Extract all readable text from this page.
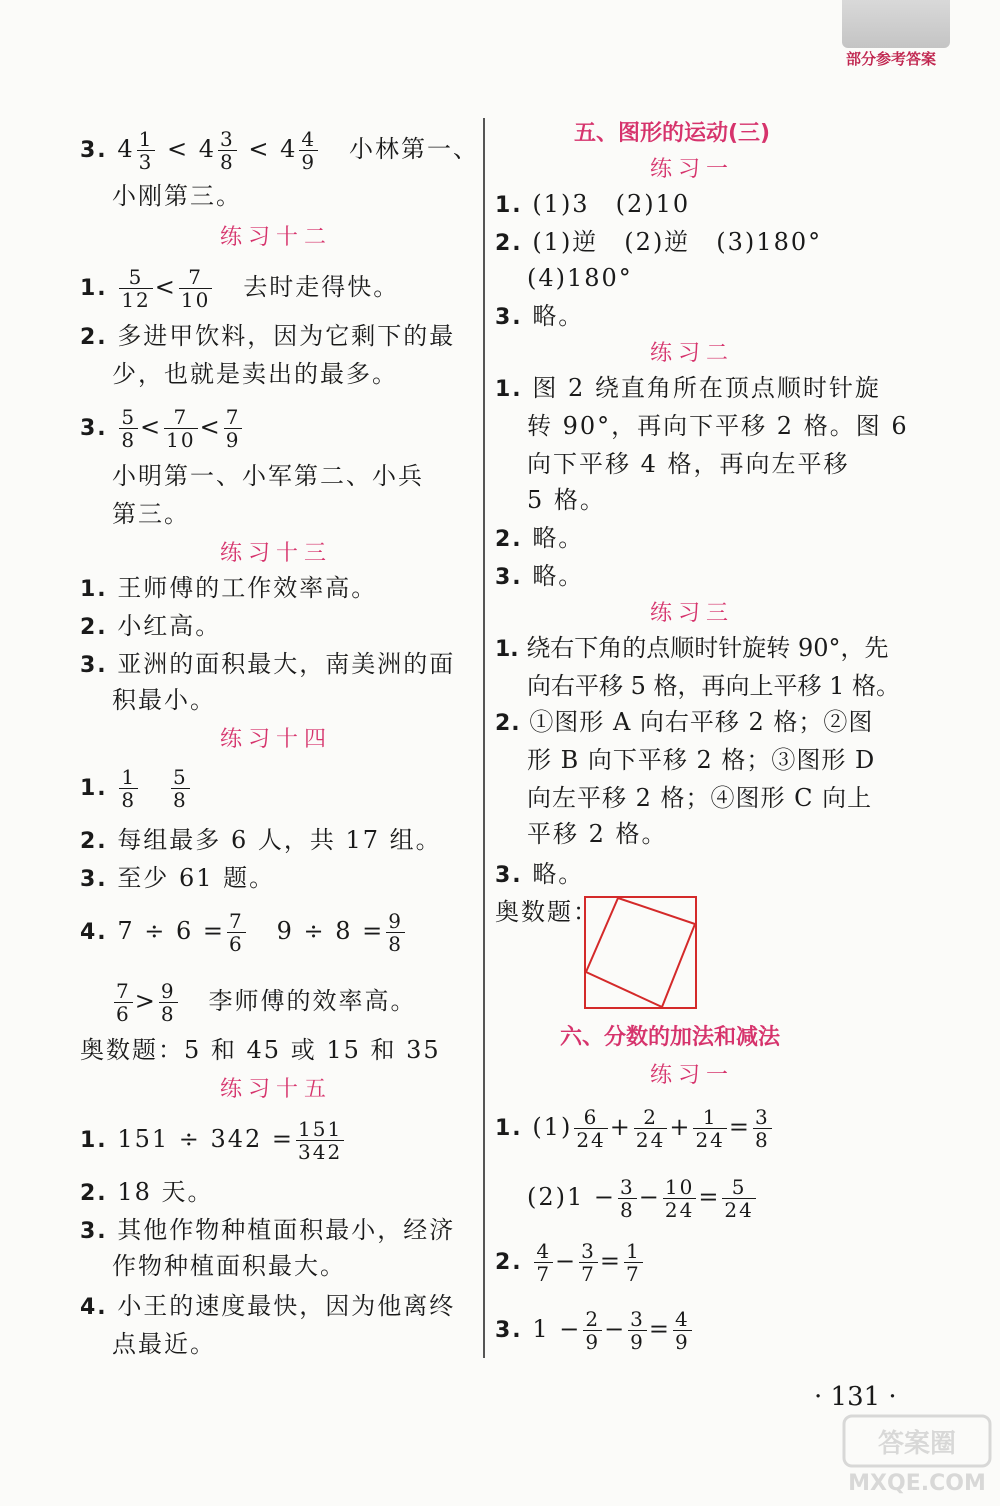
部分参考答案
3. $4 \frac{1}{3} < 4 \frac{3}{8} < 4 \frac{4}{9}$ 小林第一、
小刚第三。
练习十二
1. $\frac{5}{12} < \frac{7}{10}$ 去时走得快。
2. 多进甲饮料，因为它剩下的最
少，也就是卖出的最多。
3. $\frac{5}{8} < \frac{7}{10} < \frac{7}{9}$
小明第一、小军第二、小兵
第三。
练习十三
1. 王师傅的工作效率高。
2. 小红高。
3. 亚洲的面积最大，南美洲的面
积最小。
练习十四
1. $\frac{1}{8}$
$\frac{5}{8}$
2. 每组最多 6 人，共 17 组。
3. 至少 61 题。
4. $7 \div 6 = \frac{7}{6} 9 \div 8 = \frac{9}{8}$
$\frac{7}{6} > \frac{9}{8}$ 李师傅的效率高。
奥数题：5 和 45 或 15 和 35
练习十五
1. $151 \div 342 = \frac{151}{342}$
2. 18 天。
3. 其他作物种植面积最小，经济
作物种植面积最大。
4. 小王的速度最快，因为他离终
点最近。
五、图形的运动(三)
练习一
1. (1)3　(2)10
2. (1)逆　(2)逆　(3)180°
(4)180°
3. 略。
练习二
1. 图 2 绕直角所在顶点顺时针旋
转 90°，再向下平移 2 格。图 6
向下平移 4 格，再向左平移
5 格。
2. 略。
3. 略。
练习三
1. 绕右下角的点顺时针旋转 90°，先
向右平移 5 格，再向上平移 1 格。
2. ①图形 A 向右平移 2 格；②图
形 B 向下平移 2 格；③图形 D
向左平移 2 格；④图形 C 向上
平移 2 格。
3. 略。
奥数题：
六、分数的加法和减法
练习一
1. $(1) \frac{6}{24} + \frac{2}{24} + \frac{1}{24} = \frac{3}{8}$
$(2)1 - \frac{3}{8} - \frac{10}{24} = \frac{5}{24}$
2. $\frac{4}{7} - \frac{3}{7} = \frac{1}{7}$
3. $1 - \frac{2}{9} - \frac{3}{9} = \frac{4}{9}$
· 131 ·
MXQE.COM
答案圈
